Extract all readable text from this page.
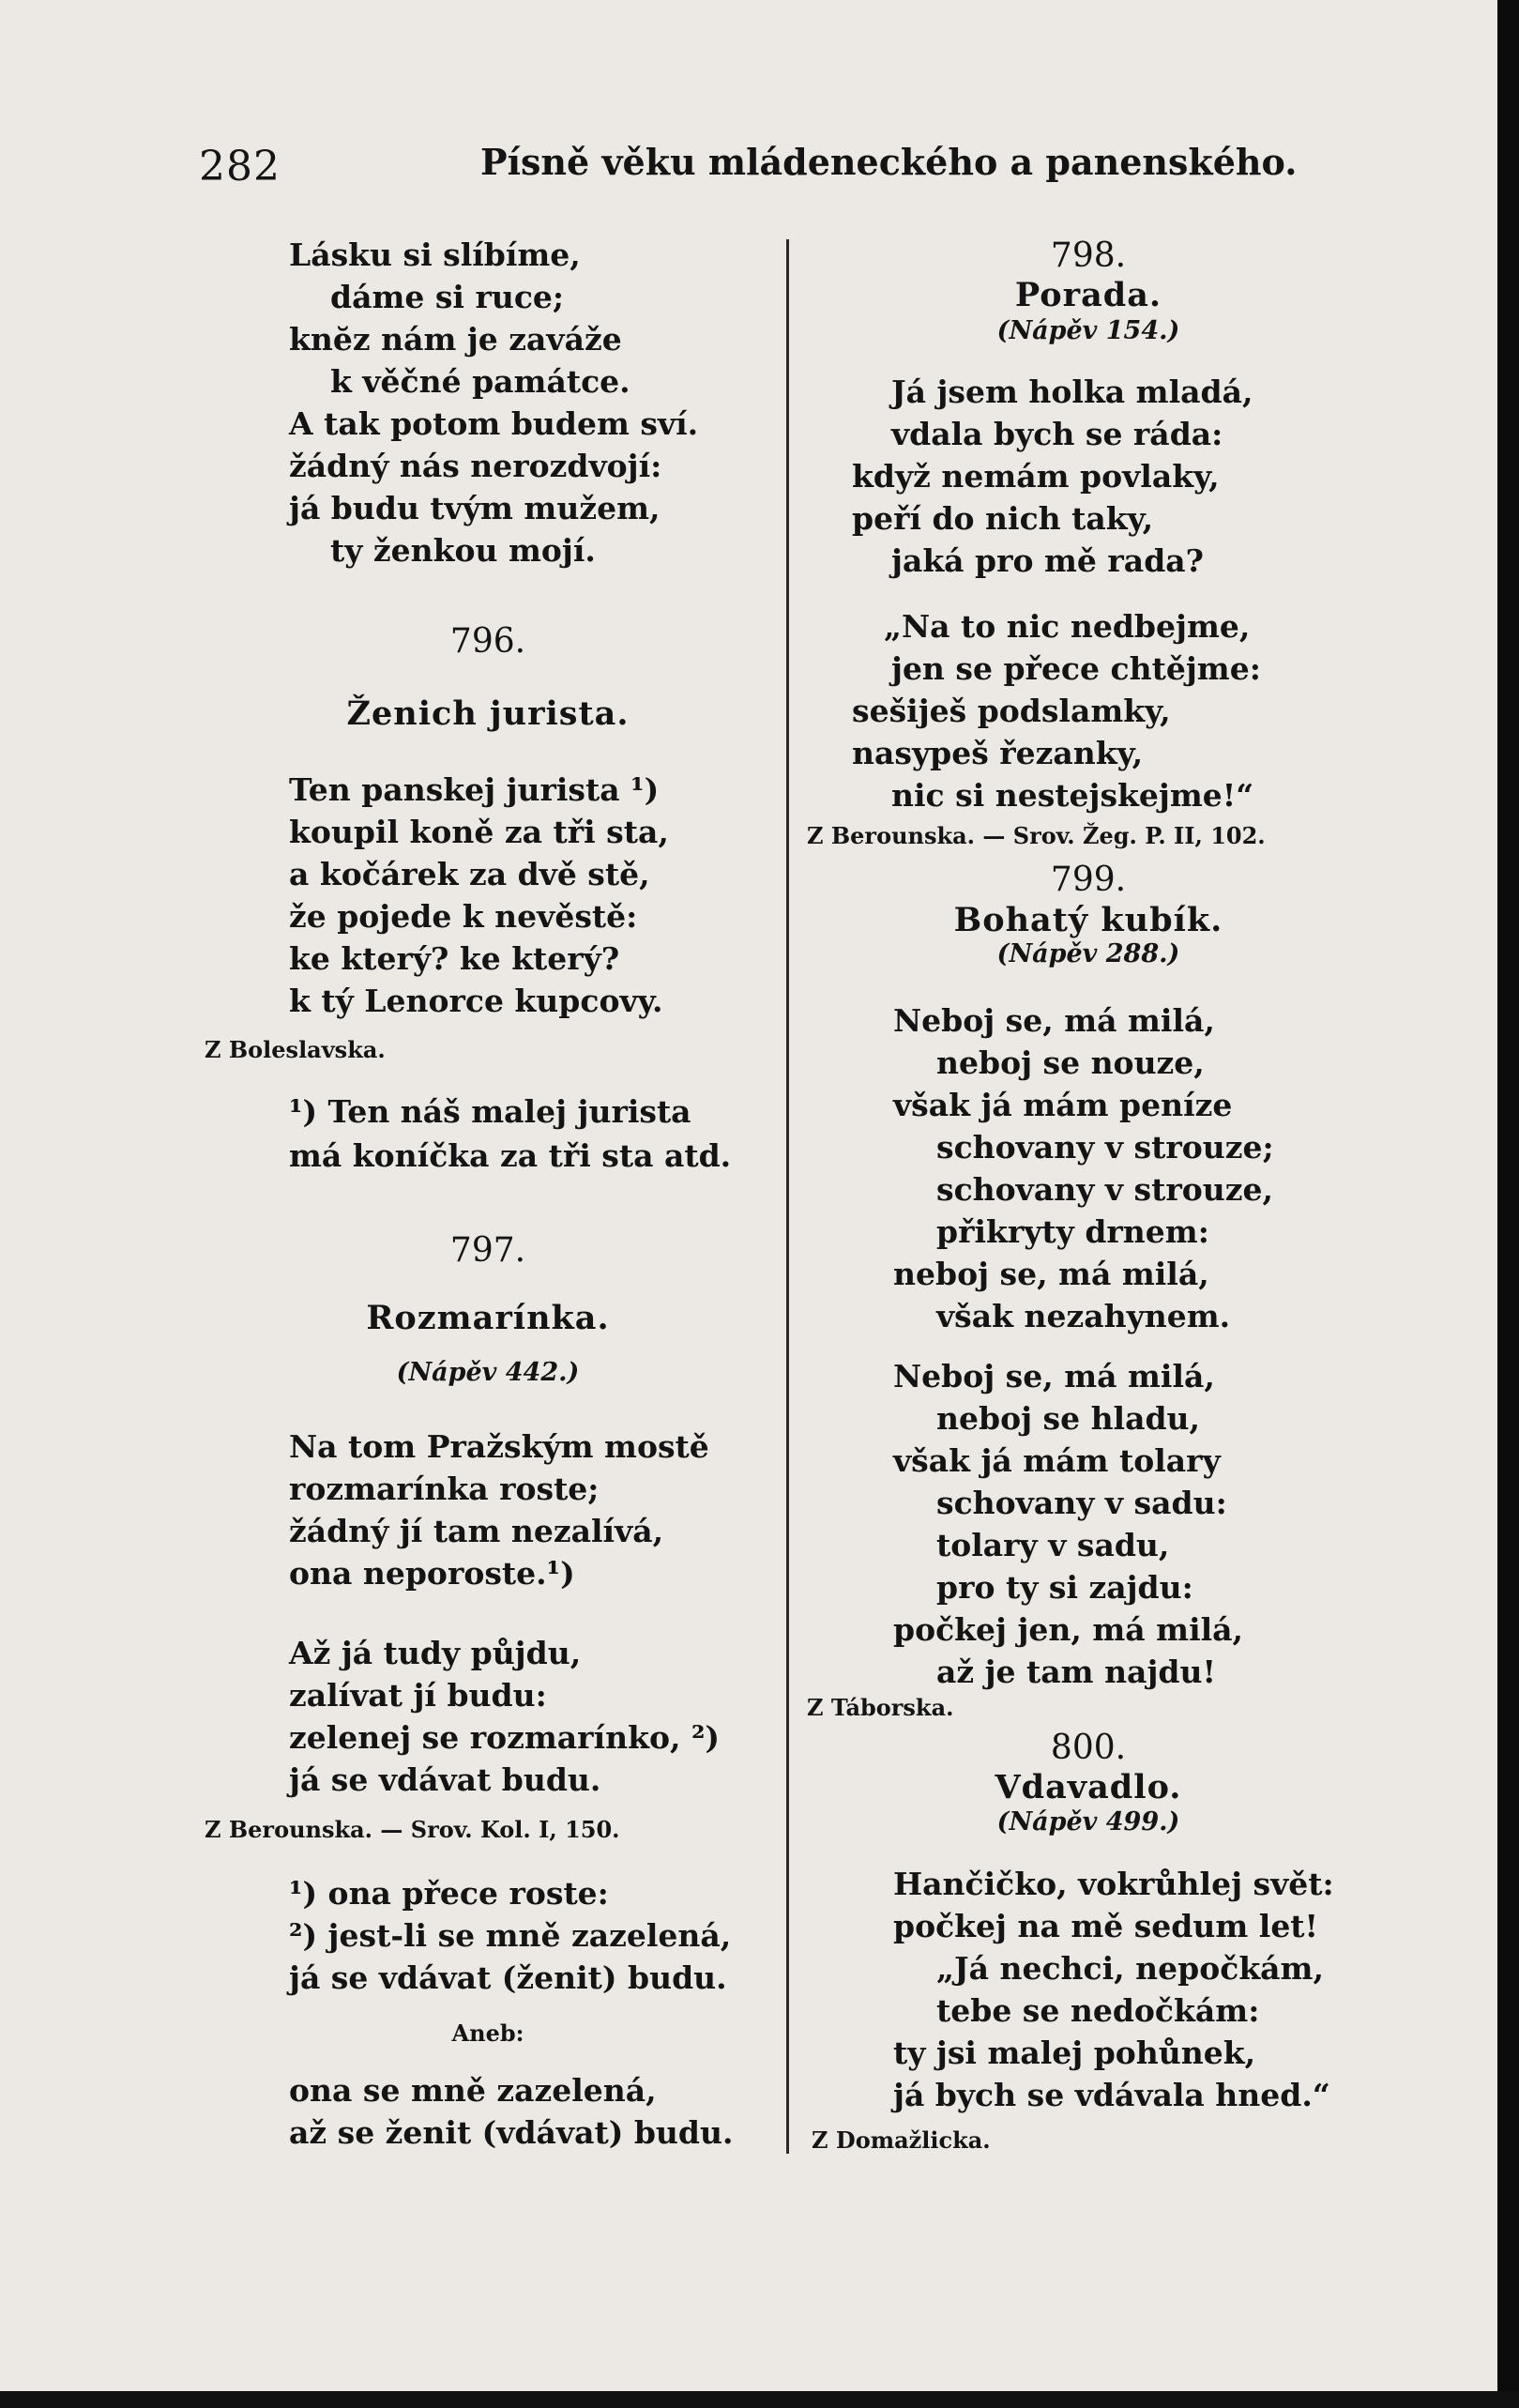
282	Písně věku mládeneckého a panenského.
Lásku si slíbíme,
dáme si ruce;
knĕz nám je zaváže
k věčné památce.
A tak potom budem sví.
žádný nás nerozdvojí:
já budu tvým mužem,
ty ženkou mojí.
796.
Ženich jurista.
Ten panskej jurista ¹)
koupil koně za tři sta,
a kočárek za dvě stě,
že pojede k nevěstě:
ke který? ke který?
k tý Lenorce kupcovy.
Z Boleslavska.
¹) Ten náš malej jurista
má koníčka za tři sta atd.
797.
Rozmarínka.
(Nápěv 442.)
Na tom Pražským mostě
rozmarínka roste;
žádný jí tam nezalívá,
ona neporoste.¹)
Až já tudy půjdu,
zalívat jí budu:
zelenej se rozmarínko, ²)
já se vdávat budu.
Z Berounska. — Srov. Kol. I, 150.
¹) ona přece roste:
²) jest-li se mně zazelená,
já se vdávat (ženit) budu.
Aneb:
ona se mně zazelená,
až se ženit (vdávat) budu.
798.
Porada.
(Nápěv 154.)
Já jsem holka mladá,
vdala bych se ráda:
když nemám povlaky,
peří do nich taky,
jaká pro mě rada?
„Na to nic nedbejme,
jen se přece chtějme:
sešiješ podslamky,
nasypeš řezanky,
nic si nestejskejme!“
Z Berounska. — Srov. Žeg. P. II, 102.
799.
Bohatý kubík.
(Nápěv 288.)
Neboj se, má milá,
neboj se nouze,
však já mám peníze
schovany v strouze;
schovany v strouze,
přikryty drnem:
neboj se, má milá,
však nezahynem.
Neboj se, má milá,
neboj se hladu,
však já mám tolary
schovany v sadu:
tolary v sadu,
pro ty si zajdu:
počkej jen, má milá,
až je tam najdu!
Z Táborska.
800.
Vdavadlo.
(Nápěv 499.)
Hančičko, vokrůhlej svět:
počkej na mě sedum let!
„Já nechci, nepočkám,
tebe se nedočkám:
ty jsi malej pohůnek,
já bych se vdávala hned.“
Z Domažlicka.
